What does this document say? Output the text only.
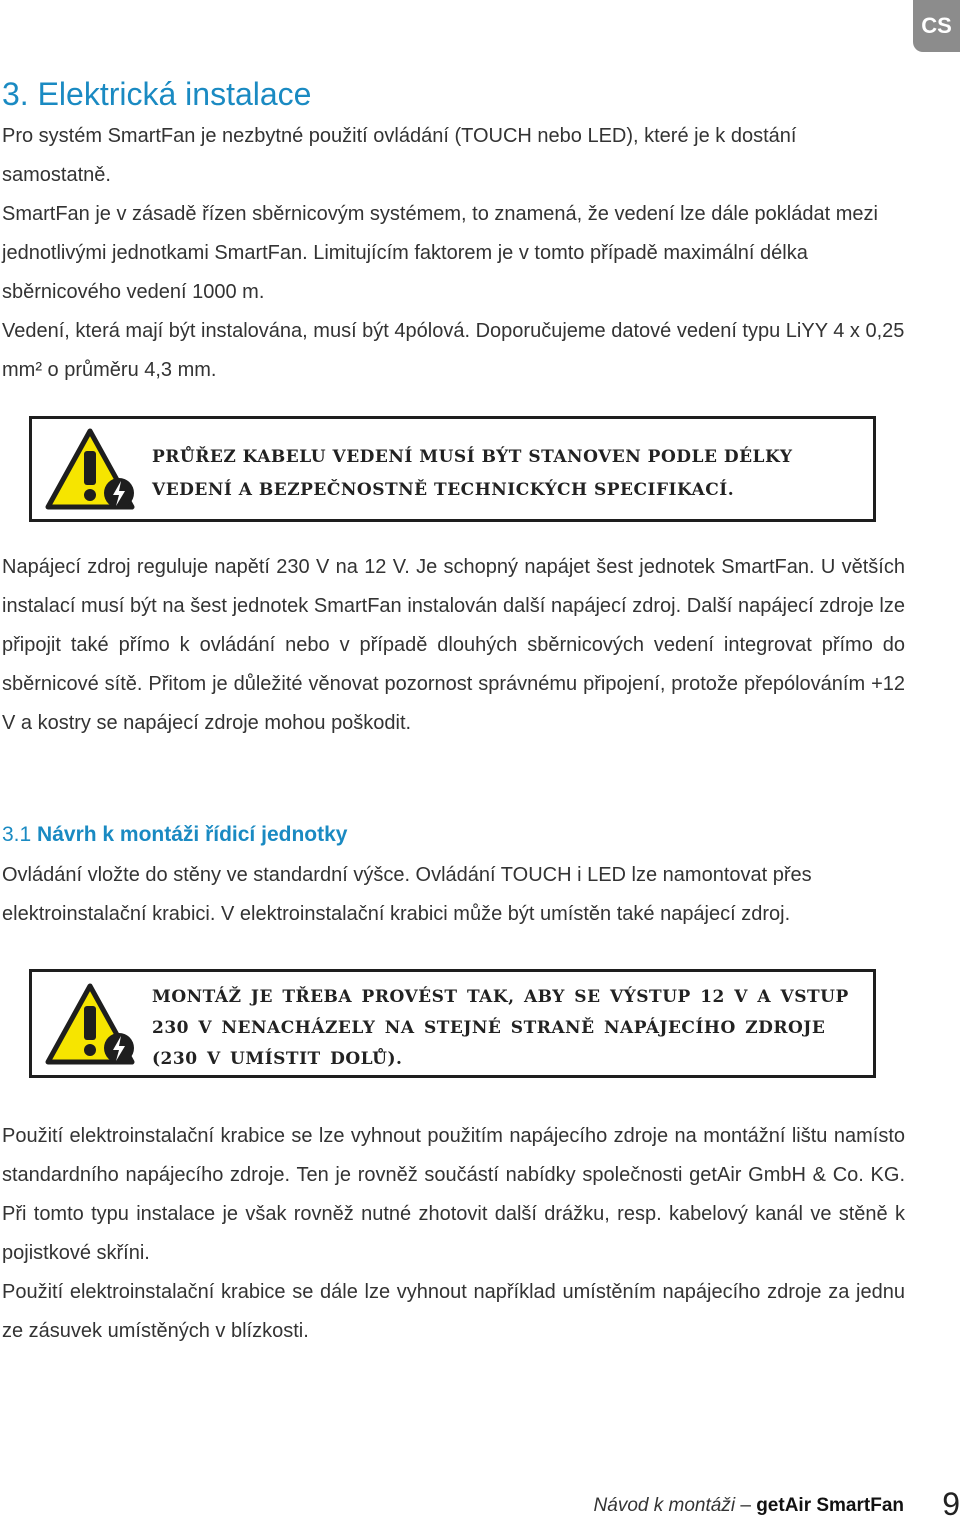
CS
3. Elektrická instalace

Pro systém SmartFan je nezbytné použití ovládání (TOUCH nebo LED), které je k dostání samostatně.

SmartFan je v zásadě řízen sběrnicovým systémem, to znamená, že vedení lze dále pokládat mezi jednotlivými jednotkami SmartFan. Limitujícím faktorem je v tomto případě maximální délka sběrnicového vedení 1000 m.

Vedení, která mají být instalována, musí být 4pólová. Doporučujeme datové vedení typu LiYY 4 x 0,25 mm² o průměru 4,3 mm.

PRŮŘEZ KABELU VEDENÍ MUSÍ BÝT STANOVEN PODLE DÉLKY VEDENÍ A BEZPEČNOSTNĚ TECHNICKÝCH SPECIFIKACÍ.

Napájecí zdroj reguluje napětí 230 V na 12 V. Je schopný napájet šest jednotek SmartFan. U větších instalací musí být na šest jednotek SmartFan instalován další napájecí zdroj. Další napájecí zdroje lze připojit také přímo k ovládání nebo v případě dlouhých sběrnicových vedení integrovat přímo do sběrnicové sítě. Přitom je důležité věnovat pozornost správnému připojení, protože přepólováním +12 V a kostry se napájecí zdroje mohou poškodit.

3.1 Návrh k montáži řídicí jednotky

Ovládání vložte do stěny ve standardní výšce. Ovládání TOUCH i LED lze namontovat přes elektroinstalační krabici. V elektroinstalační krabici může být umístěn také napájecí zdroj.

MONTÁŽ JE TŘEBA PROVÉST TAK, ABY SE VÝSTUP 12 V A VSTUP 230 V NENACHÁZELY NA STEJNÉ STRANĚ NAPÁJECÍHO ZDROJE (230 V UMÍSTIT DOLŮ).

Použití elektroinstalační krabice se lze vyhnout použitím napájecího zdroje na montážní lištu namísto standardního napájecího zdroje. Ten je rovněž součástí nabídky společnosti getAir GmbH & Co. KG. Při tomto typu instalace je však rovněž nutné zhotovit další drážku, resp. kabelový kanál ve stěně k pojistkové skříni.

Použití elektroinstalační krabice se dále lze vyhnout například umístěním napájecího zdroje za jednu ze zásuvek umístěných v blízkosti.

Návod k montáži – getAir SmartFan	9
